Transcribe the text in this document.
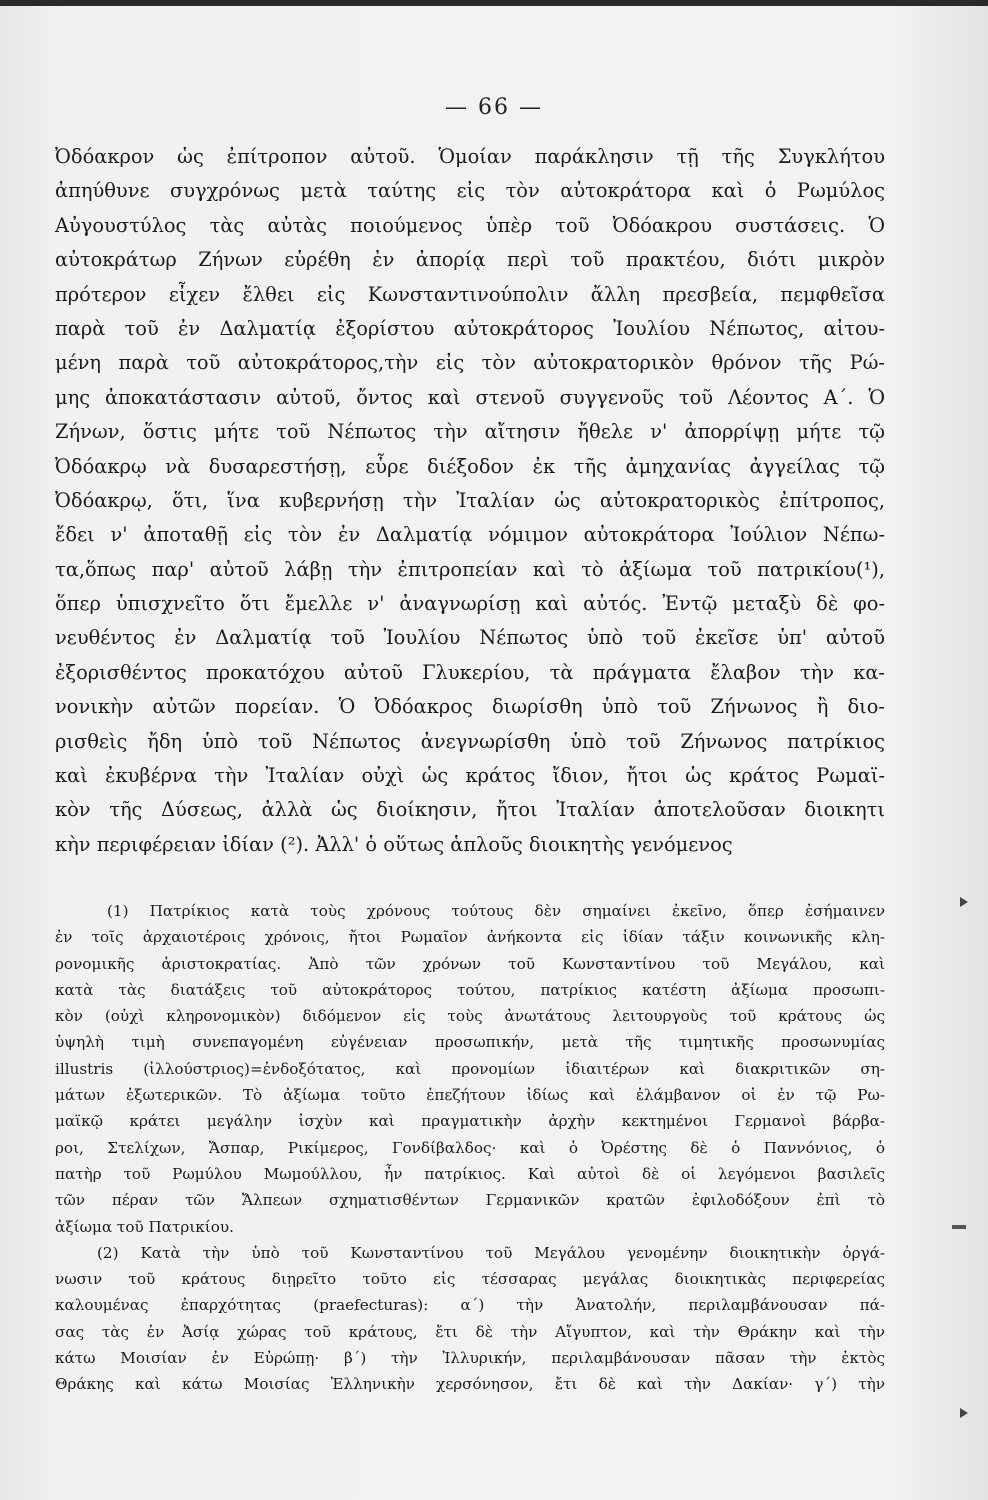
— 66 —
Ὀδόακρον ὡς ἐπίτροπον αὐτοῦ. Ὁμοίαν παράκλησιν τῇ τῆς Συγκλήτου
ἀπηύθυνε συγχρόνως μετὰ ταύτης εἰς τὸν αὐτοκράτορα καὶ ὁ Ρωμύλος
Αὐγουστύλος τὰς αὐτὰς ποιούμενος ὑπὲρ τοῦ Ὀδόακρου συστάσεις. Ὁ
αὐτοκράτωρ Ζήνων εὑρέθη ἐν ἀπορίᾳ περὶ τοῦ πρακτέου, διότι μικρὸν
πρότερον εἶχεν ἔλθει εἰς Κωνσταντινούπολιν ἄλλη πρεσβεία, πεμφθεῖσα
παρὰ τοῦ ἐν Δαλματίᾳ ἐξορίστου αὐτοκράτορος Ἰουλίου Νέπωτος, αἰτου-
μένη παρὰ τοῦ αὐτοκράτορος,τὴν εἰς τὸν αὐτοκρατορικὸν θρόνον τῆς Ρώ-
μης ἀποκατάστασιν αὐτοῦ, ὄντος καὶ στενοῦ συγγενοῦς τοῦ Λέοντος Α΄. Ὁ
Ζήνων, ὅστις μήτε τοῦ Νέπωτος τὴν αἴτησιν ἤθελε ν' ἀπορρίψῃ μήτε τῷ
Ὀδόακρῳ νὰ δυσαρεστήσῃ, εὗρε διέξοδον ἐκ τῆς ἀμηχανίας ἀγγείλας τῷ
Ὀδόακρῳ, ὅτι, ἵνα κυβερνήσῃ τὴν Ἰταλίαν ὡς αὐτοκρατορικὸς ἐπίτροπος,
ἔδει ν' ἀποταθῇ εἰς τὸν ἐν Δαλματίᾳ νόμιμον αὐτοκράτορα Ἰούλιον Νέπω-
τα,ὅπως παρ' αὐτοῦ λάβῃ τὴν ἐπιτροπείαν καὶ τὸ ἀξίωμα τοῦ πατρικίου(¹),
ὅπερ ὑπισχνεῖτο ὅτι ἔμελλε ν' ἀναγνωρίσῃ καὶ αὐτός. Ἐντῷ μεταξὺ δὲ φο-
νευθέντος ἐν Δαλματίᾳ τοῦ Ἰουλίου Νέπωτος ὑπὸ τοῦ ἐκεῖσε ὑπ' αὐτοῦ
ἐξορισθέντος προκατόχου αὐτοῦ Γλυκερίου, τὰ πράγματα ἔλαβον τὴν κα-
νονικὴν αὐτῶν πορείαν. Ὁ Ὀδόακρος διωρίσθη ὑπὸ τοῦ Ζήνωνος ἢ διο-
ρισθεὶς ἤδη ὑπὸ τοῦ Νέπωτος ἀνεγνωρίσθη ὑπὸ τοῦ Ζήνωνος πατρίκιος
καὶ ἐκυβέρνα τὴν Ἰταλίαν οὐχὶ ὡς κράτος ἴδιον, ἤτοι ὡς κράτος Ρωμαϊ-
κὸν τῆς Δύσεως, ἀλλὰ ὡς διοίκησιν, ἤτοι Ἰταλίαν ἀποτελοῦσαν διοικητι
κὴν περιφέρειαν ἰδίαν (²). Ἀλλ' ὁ οὕτως ἁπλοῦς διοικητὴς γενόμενος
(1) Πατρίκιος κατὰ τοὺς χρόνους τούτους δὲν σημαίνει ἐκεῖνο, ὅπερ ἐσήμαινεν
ἐν τοῖς ἀρχαιοτέροις χρόνοις, ἤτοι Ρωμαῖον ἀνήκοντα εἰς ἰδίαν τάξιν κοινωνικῆς κλη-
ρονομικῆς ἀριστοκρατίας. Ἀπὸ τῶν χρόνων τοῦ Κωνσταντίνου τοῦ Μεγάλου, καὶ
κατὰ τὰς διατάξεις τοῦ αὐτοκράτορος τούτου, πατρίκιος κατέστη ἀξίωμα προσωπι-
κὸν (οὐχὶ κληρονομικὸν) διδόμενον εἰς τοὺς ἀνωτάτους λειτουργοὺς τοῦ κράτους ὡς
ὑψηλὴ τιμὴ συνεπαγομένη εὐγένειαν προσωπικήν, μετὰ τῆς τιμητικῆς προσωνυμίας
illustris (ἰλλούστριος)=ἐνδοξότατος, καὶ προνομίων ἰδιαιτέρων καὶ διακριτικῶν ση-
μάτων ἐξωτερικῶν. Τὸ ἀξίωμα τοῦτο ἐπεζήτουν ἰδίως καὶ ἐλάμβανον οἱ ἐν τῷ Ρω-
μαϊκῷ κράτει μεγάλην ἰσχὺν καὶ πραγματικὴν ἀρχὴν κεκτημένοι Γερμανοὶ βάρβα-
ροι, Στελίχων, Ἄσπαρ, Ρικίμερος, Γονδίβαλδος· καὶ ὁ Ὀρέστης δὲ ὁ Παννόνιος, ὁ
πατὴρ τοῦ Ρωμύλου Μωμούλλου, ἦν πατρίκιος. Καὶ αὐτοὶ δὲ οἱ λεγόμενοι βασιλεῖς
τῶν πέραν τῶν Ἄλπεων σχηματισθέντων Γερμανικῶν κρατῶν ἐφιλοδόξουν ἐπὶ τὸ
ἀξίωμα τοῦ Πατρικίου.
(2) Κατὰ τὴν ὑπὸ τοῦ Κωνσταντίνου τοῦ Μεγάλου γενομένην διοικητικὴν ὀργά-
νωσιν τοῦ κράτους διῃρεῖτο τοῦτο εἰς τέσσαρας μεγάλας διοικητικὰς περιφερείας
καλουμένας ἐπαρχότητας (praefecturas): α΄) τὴν Ἀνατολήν, περιλαμβάνουσαν πά-
σας τὰς ἐν Ἀσίᾳ χώρας τοῦ κράτους, ἔτι δὲ τὴν Αἴγυπτον, καὶ τὴν Θράκην καὶ τὴν
κάτω Μοισίαν ἐν Εὐρώπῃ· β΄) τὴν Ἰλλυρικήν, περιλαμβάνουσαν πᾶσαν τὴν ἐκτὸς
Θράκης καὶ κάτω Μοισίας Ἑλληνικὴν χερσόνησον, ἔτι δὲ καὶ τὴν Δακίαν· γ΄) τὴν
